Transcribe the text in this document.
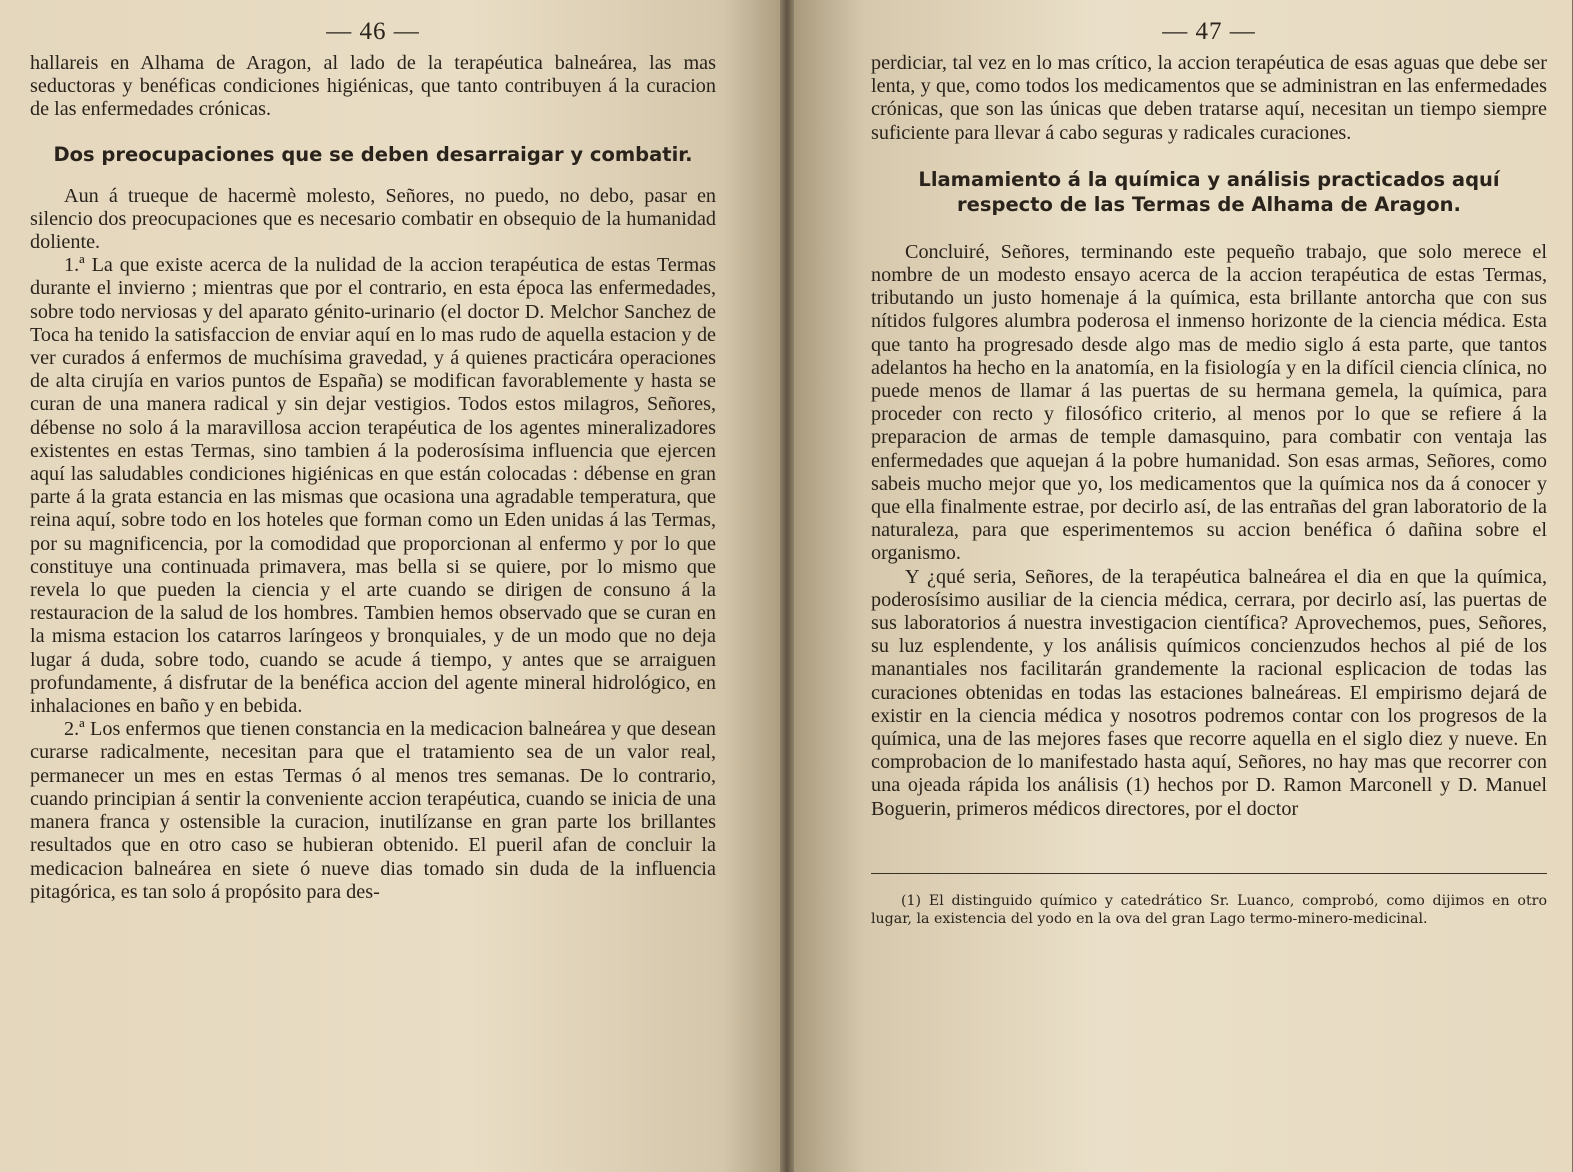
— 46 —

hallareis en Alhama de Aragon, al lado de la terapéutica balneárea, las mas seductoras y benéficas condiciones higiénicas, que tanto contribuyen á la curacion de las enfermedades crónicas.

Dos preocupaciones que se deben desarraigar y combatir.

Aun á trueque de hacermè molesto, Señores, no puedo, no debo, pasar en silencio dos preocupaciones que es necesario combatir en obsequio de la humanidad doliente.

1.ª La que existe acerca de la nulidad de la accion terapéutica de estas Termas durante el invierno ; mientras que por el contrario, en esta época las enfermedades, sobre todo nerviosas y del aparato génito-urinario (el doctor D. Melchor Sanchez de Toca ha tenido la satisfaccion de enviar aquí en lo mas rudo de aquella estacion y de ver curados á enfermos de muchísima gravedad, y á quienes practicára operaciones de alta cirujía en varios puntos de España) se modifican favorablemente y hasta se curan de una manera radical y sin dejar vestigios. Todos estos milagros, Señores, débense no solo á la maravillosa accion terapéutica de los agentes mineralizadores existentes en estas Termas, sino tambien á la poderosísima influencia que ejercen aquí las saludables condiciones higiénicas en que están colocadas : débense en gran parte á la grata estancia en las mismas que ocasiona una agradable temperatura, que reina aquí, sobre todo en los hoteles que forman como un Eden unidas á las Termas, por su magnificencia, por la comodidad que proporcionan al enfermo y por lo que constituye una continuada primavera, mas bella si se quiere, por lo mismo que revela lo que pueden la ciencia y el arte cuando se dirigen de consuno á la restauracion de la salud de los hombres. Tambien hemos observado que se curan en la misma estacion los catarros laríngeos y bronquiales, y de un modo que no deja lugar á duda, sobre todo, cuando se acude á tiempo, y antes que se arraiguen profundamente, á disfrutar de la benéfica accion del agente mineral hidrológico, en inhalaciones en baño y en bebida.

2.ª Los enfermos que tienen constancia en la medicacion balneárea y que desean curarse radicalmente, necesitan para que el tratamiento sea de un valor real, permanecer un mes en estas Termas ó al menos tres semanas. De lo contrario, cuando principian á sentir la conveniente accion terapéutica, cuando se inicia de una manera franca y ostensible la curacion, inutilízanse en gran parte los brillantes resultados que en otro caso se hubieran obtenido. El pueril afan de concluir la medicacion balneárea en siete ó nueve dias tomado sin duda de la influencia pitagórica, es tan solo á propósito para des-

— 47 —

perdiciar, tal vez en lo mas crítico, la accion terapéutica de esas aguas que debe ser lenta, y que, como todos los medicamentos que se administran en las enfermedades crónicas, que son las únicas que deben tratarse aquí, necesitan un tiempo siempre suficiente para llevar á cabo seguras y radicales curaciones.

Llamamiento á la química y análisis practicados aquí respecto de las Termas de Alhama de Aragon.

Concluiré, Señores, terminando este pequeño trabajo, que solo merece el nombre de un modesto ensayo acerca de la accion terapéutica de estas Termas, tributando un justo homenaje á la química, esta brillante antorcha que con sus nítidos fulgores alumbra poderosa el inmenso horizonte de la ciencia médica. Esta que tanto ha progresado desde algo mas de medio siglo á esta parte, que tantos adelantos ha hecho en la anatomía, en la fisiología y en la difícil ciencia clínica, no puede menos de llamar á las puertas de su hermana gemela, la química, para proceder con recto y filosófico criterio, al menos por lo que se refiere á la preparacion de armas de temple damasquino, para combatir con ventaja las enfermedades que aquejan á la pobre humanidad. Son esas armas, Señores, como sabeis mucho mejor que yo, los medicamentos que la química nos da á conocer y que ella finalmente estrae, por decirlo así, de las entrañas del gran laboratorio de la naturaleza, para que esperimentemos su accion benéfica ó dañina sobre el organismo.

Y ¿qué seria, Señores, de la terapéutica balneárea el dia en que la química, poderosísimo ausiliar de la ciencia médica, cerrara, por decirlo así, las puertas de sus laboratorios á nuestra investigacion científica? Aprovechemos, pues, Señores, su luz esplendente, y los análisis químicos concienzudos hechos al pié de los manantiales nos facilitarán grandemente la racional esplicacion de todas las curaciones obtenidas en todas las estaciones balneáreas. El empirismo dejará de existir en la ciencia médica y nosotros podremos contar con los progresos de la química, una de las mejores fases que recorre aquella en el siglo diez y nueve. En comprobacion de lo manifestado hasta aquí, Señores, no hay mas que recorrer con una ojeada rápida los análisis (1) hechos por D. Ramon Marconell y D. Manuel Boguerin, primeros médicos directores, por el doctor

(1) El distinguido químico y catedrático Sr. Luanco, comprobó, como dijimos en otro lugar, la existencia del yodo en la ova del gran Lago termo-minero-medicinal.
